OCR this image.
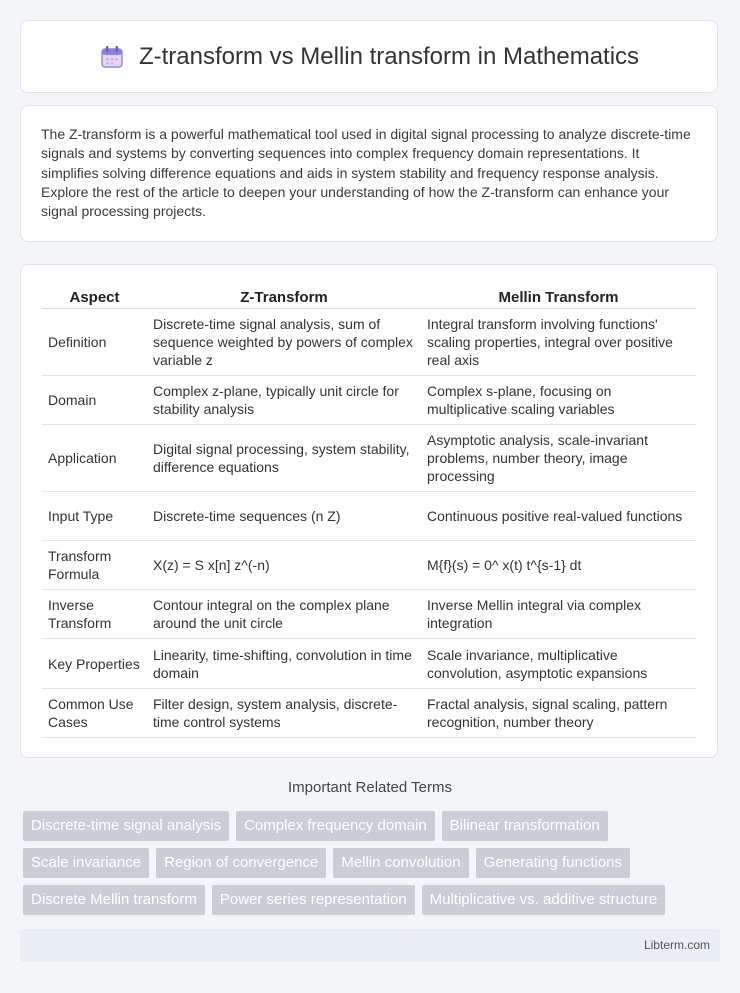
Z-transform vs Mellin transform in Mathematics

The Z-transform is a powerful mathematical tool used in digital signal processing to analyze discrete-time signals and systems by converting sequences into complex frequency domain representations. It simplifies solving difference equations and aids in system stability and frequency response analysis. Explore the rest of the article to deepen your understanding of how the Z-transform can enhance your signal processing projects.

Aspect	Z-Transform	Mellin Transform
Definition	Discrete-time signal analysis, sum of sequence weighted by powers of complex variable z	Integral transform involving functions' scaling properties, integral over positive real axis
Domain	Complex z-plane, typically unit circle for stability analysis	Complex s-plane, focusing on multiplicative scaling variables
Application	Digital signal processing, system stability, difference equations	Asymptotic analysis, scale-invariant problems, number theory, image processing
Input Type	Discrete-time sequences (n Z)	Continuous positive real-valued functions
Transform Formula	X(z) = S x[n] z^(-n)	M{f}(s) = 0^ x(t) t^{s-1} dt
Inverse Transform	Contour integral on the complex plane around the unit circle	Inverse Mellin integral via complex integration
Key Properties	Linearity, time-shifting, convolution in time domain	Scale invariance, multiplicative convolution, asymptotic expansions
Common Use Cases	Filter design, system analysis, discrete-time control systems	Fractal analysis, signal scaling, pattern recognition, number theory
Important Related Terms
Discrete-time signal analysis	Complex frequency domain	Bilinear transformation
Scale invariance	Region of convergence	Mellin convolution	Generating functions
Discrete Mellin transform	Power series representation	Multiplicative vs. additive structure
Libterm.com
